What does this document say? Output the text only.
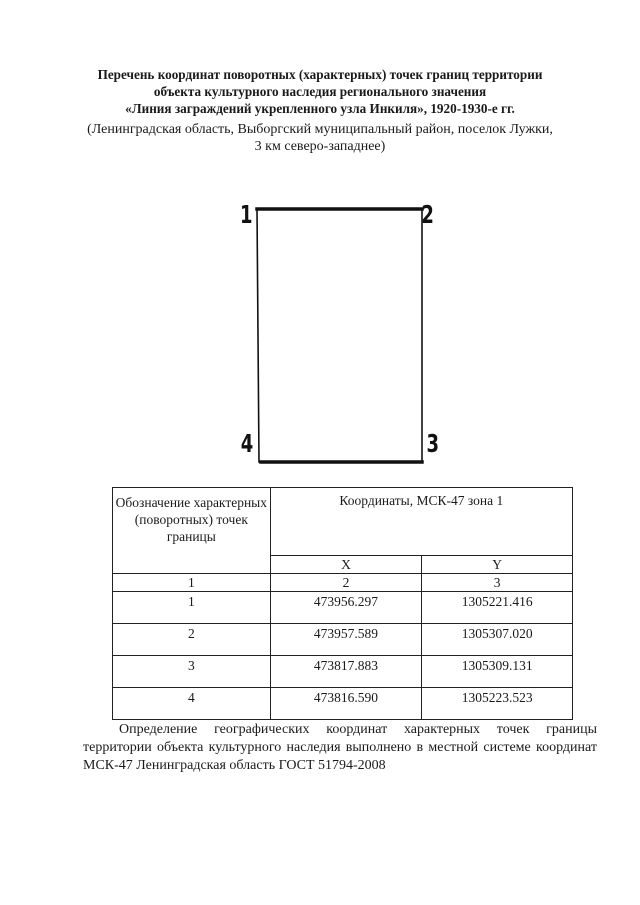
Перечень координат поворотных (характерных) точек границ территории
объекта культурного наследия регионального значения
«Линия заграждений укрепленного узла Инкиля», 1920-1930-е гг.
(Ленинградская область, Выборгский муниципальный район, поселок Лужки,
3 км северо-западнее)
1	2
3
4
Обозначение характерных (поворотных) точек границы	Координаты, МСК-47 зона 1	
	X	Y
1	2	3
1	473956.297	1305221.416
2	473957.589	1305307.020
3	473817.883	1305309.131
4	473816.590	1305223.523

Определение географических координат характерных точек границы территории объекта культурного наследия выполнено в местной системе координат МСК-47 Ленинградская область ГОСТ 51794-2008
